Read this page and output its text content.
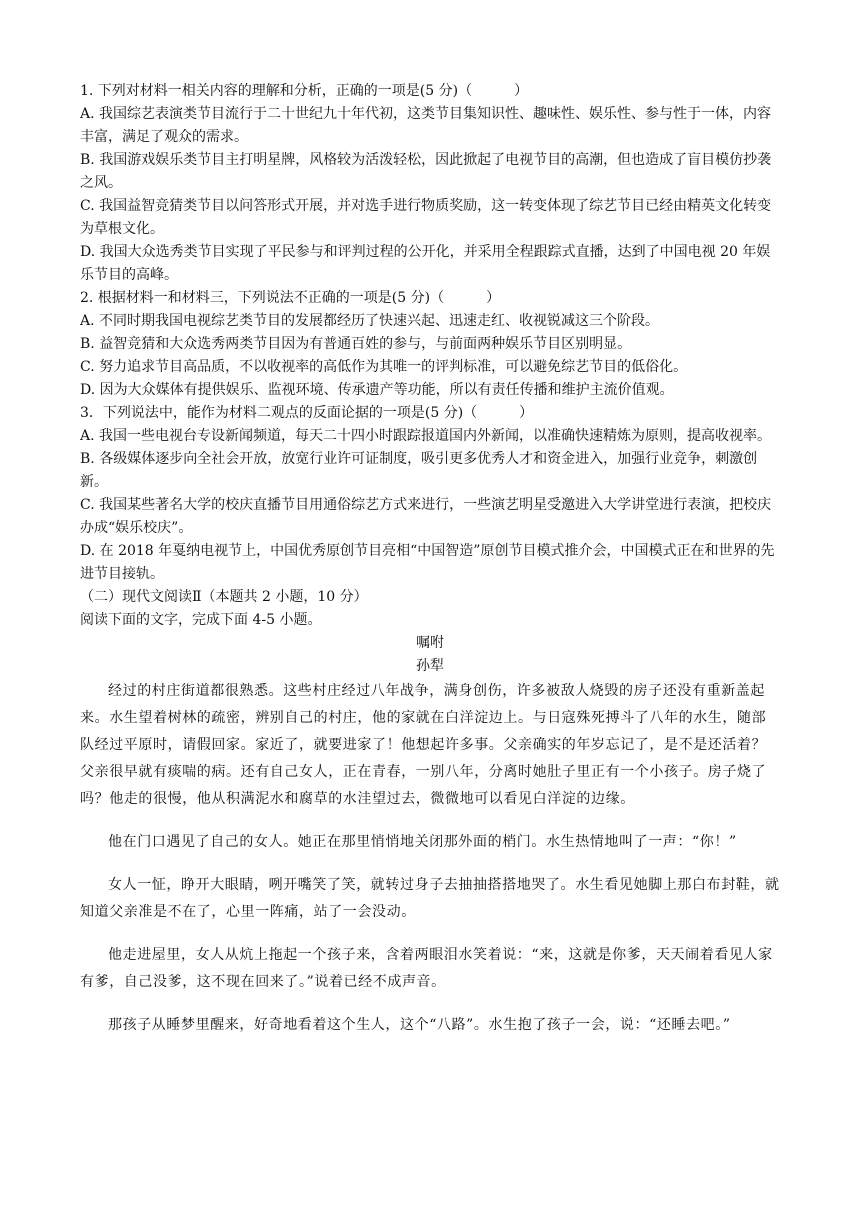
1. 下列对材料一相关内容的理解和分析，正确的一项是(5 分)（　　　）

A. 我国综艺表演类节目流行于二十世纪九十年代初，这类节目集知识性、趣味性、娱乐性、参与性于一体，内容丰富，满足了观众的需求。

B. 我国游戏娱乐类节目主打明星牌，风格较为活泼轻松，因此掀起了电视节目的高潮，但也造成了盲目模仿抄袭之风。

C. 我国益智竞猜类节目以问答形式开展，并对选手进行物质奖励，这一转变体现了综艺节目已经由精英文化转变为草根文化。

D. 我国大众选秀类节目实现了平民参与和评判过程的公开化，并采用全程跟踪式直播，达到了中国电视 20 年娱乐节目的高峰。

2. 根据材料一和材料三，下列说法不正确的一项是(5 分)（　　　）

A. 不同时期我国电视综艺类节目的发展都经历了快速兴起、迅速走红、收视锐减这三个阶段。

B. 益智竞猜和大众选秀两类节目因为有普通百姓的参与，与前面两种娱乐节目区别明显。

C. 努力追求节目高品质，不以收视率的高低作为其唯一的评判标准，可以避免综艺节目的低俗化。

D. 因为大众媒体有提供娱乐、监视环境、传承遗产等功能，所以有责任传播和维护主流价值观。

3．下列说法中，能作为材料二观点的反面论据的一项是(5 分)（　　　）

A. 我国一些电视台专设新闻频道，每天二十四小时跟踪报道国内外新闻，以准确快速精炼为原则，提高收视率。

B. 各级媒体逐步向全社会开放，放宽行业许可证制度，吸引更多优秀人才和资金进入，加强行业竞争，刺激创新。

C. 我国某些著名大学的校庆直播节目用通俗综艺方式来进行，一些演艺明星受邀进入大学讲堂进行表演，把校庆办成“娱乐校庆”。

D. 在 2018 年戛纳电视节上，中国优秀原创节目亮相“中国智造”原创节目模式推介会，中国模式正在和世界的先进节目接轨。

（二）现代文阅读Ⅱ（本题共 2 小题，10 分）

阅读下面的文字，完成下面 4-5 小题。

嘱咐

孙犁

经过的村庄街道都很熟悉。这些村庄经过八年战争，满身创伤，许多被敌人烧毁的房子还没有重新盖起来。水生望着树林的疏密，辨别自己的村庄，他的家就在白洋淀边上。与日寇殊死搏斗了八年的水生，随部队经过平原时，请假回家。家近了，就要进家了！他想起许多事。父亲确实的年岁忘记了，是不是还活着？父亲很早就有痰喘的病。还有自己女人，正在青春，一别八年，分离时她肚子里正有一个小孩子。房子烧了吗？他走的很慢，他从积满泥水和腐草的水洼望过去，微微地可以看见白洋淀的边缘。

他在门口遇见了自己的女人。她正在那里悄悄地关闭那外面的梢门。水生热情地叫了一声：“你！”

女人一怔，睁开大眼睛，咧开嘴笑了笑，就转过身子去抽抽搭搭地哭了。水生看见她脚上那白布封鞋，就知道父亲准是不在了，心里一阵痛，站了一会没动。

他走进屋里，女人从炕上拖起一个孩子来，含着两眼泪水笑着说：“来，这就是你爹，天天闹着看见人家有爹，自己没爹，这不现在回来了。”说着已经不成声音。

那孩子从睡梦里醒来，好奇地看着这个生人，这个“八路”。水生抱了孩子一会，说：“还睡去吧。”
